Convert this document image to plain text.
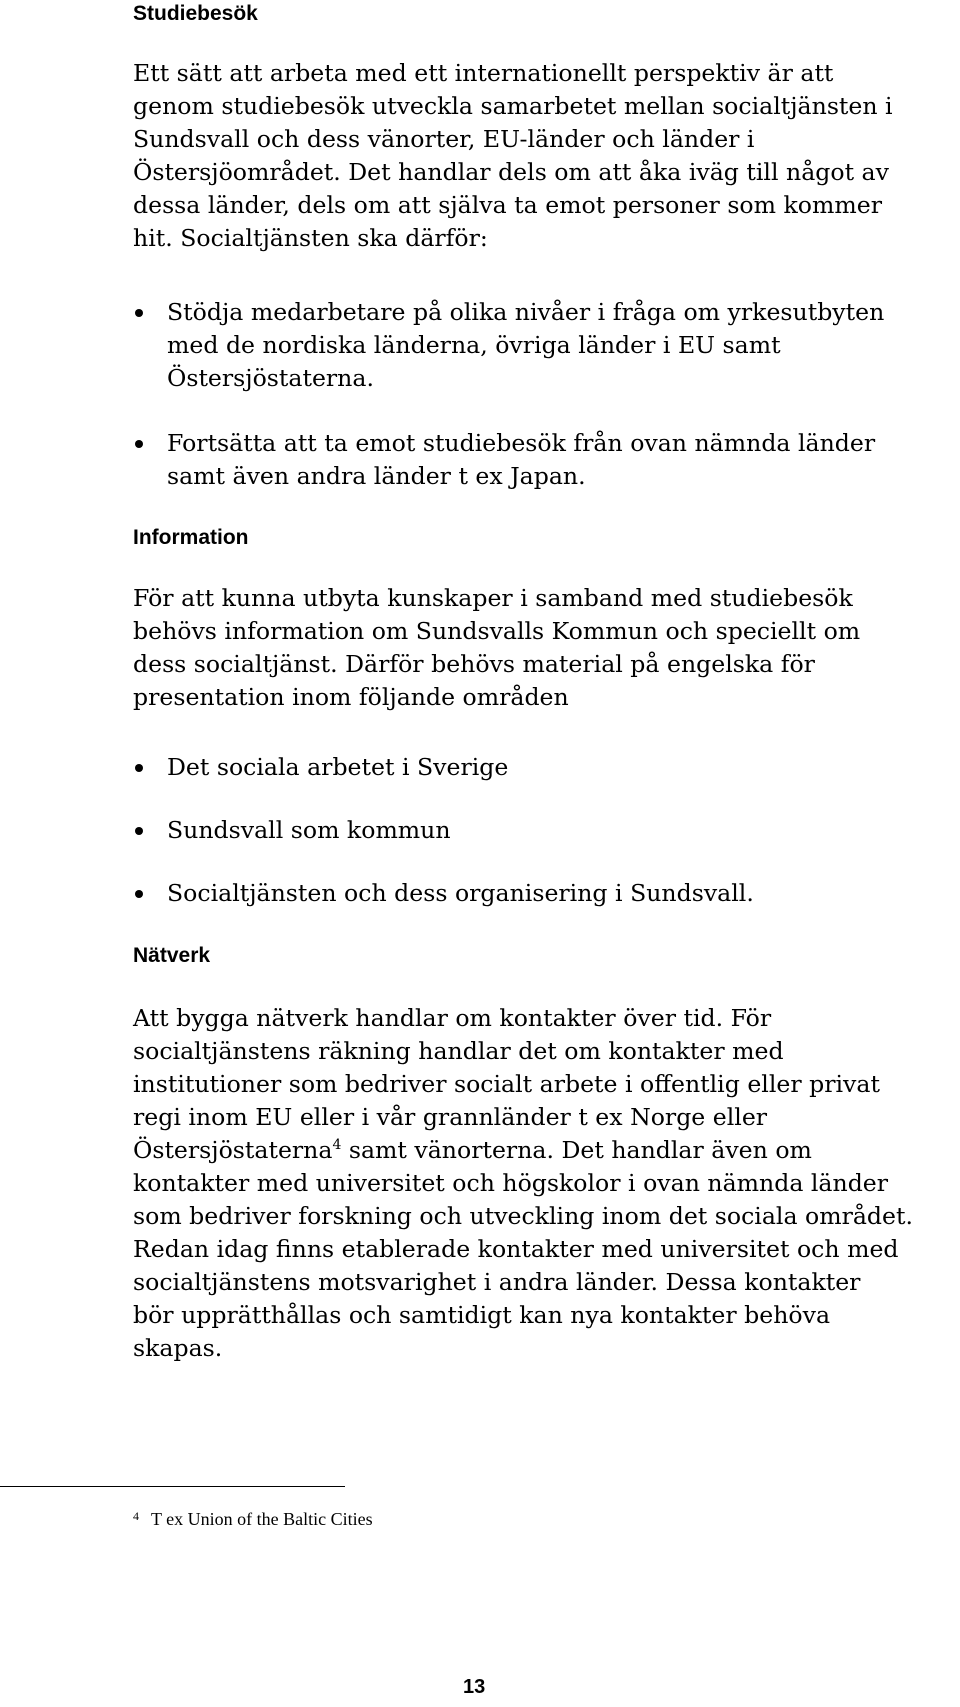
Studiebesök
Ett sätt att arbeta med ett internationellt perspektiv är att
genom studiebesök utveckla samarbetet mellan socialtjänsten i
Sundsvall och dess vänorter, EU-länder och länder i
Östersjöområdet. Det handlar dels om att åka iväg till något av
dessa länder, dels om att själva ta emot personer som kommer
hit. Socialtjänsten ska därför:
Stödja medarbetare på olika nivåer i fråga om yrkesutbyten
med de nordiska länderna, övriga länder i EU samt
Östersjöstaterna.
Fortsätta att ta emot studiebesök från ovan nämnda länder
samt även andra länder t ex Japan.
Information
För att kunna utbyta kunskaper i samband med studiebesök
behövs information om Sundsvalls Kommun och speciellt om
dess socialtjänst. Därför behövs material på engelska för
presentation inom följande områden
Det sociala arbetet i Sverige
Sundsvall som kommun
Socialtjänsten och dess organisering i Sundsvall.
Nätverk
Att bygga nätverk handlar om kontakter över tid. För
socialtjänstens räkning handlar det om kontakter med
institutioner som bedriver socialt arbete i offentlig eller privat
regi inom EU eller i vår grannländer t ex Norge eller
Östersjöstaterna$^4$ samt vänorterna. Det handlar även om
kontakter med universitet och högskolor i ovan nämnda länder
som bedriver forskning och utveckling inom det sociala området.
Redan idag finns etablerade kontakter med universitet och med
socialtjänstens motsvarighet i andra länder. Dessa kontakter
bör upprätthållas och samtidigt kan nya kontakter behöva
skapas.
$^4$ T ex Union of the Baltic Cities
13
